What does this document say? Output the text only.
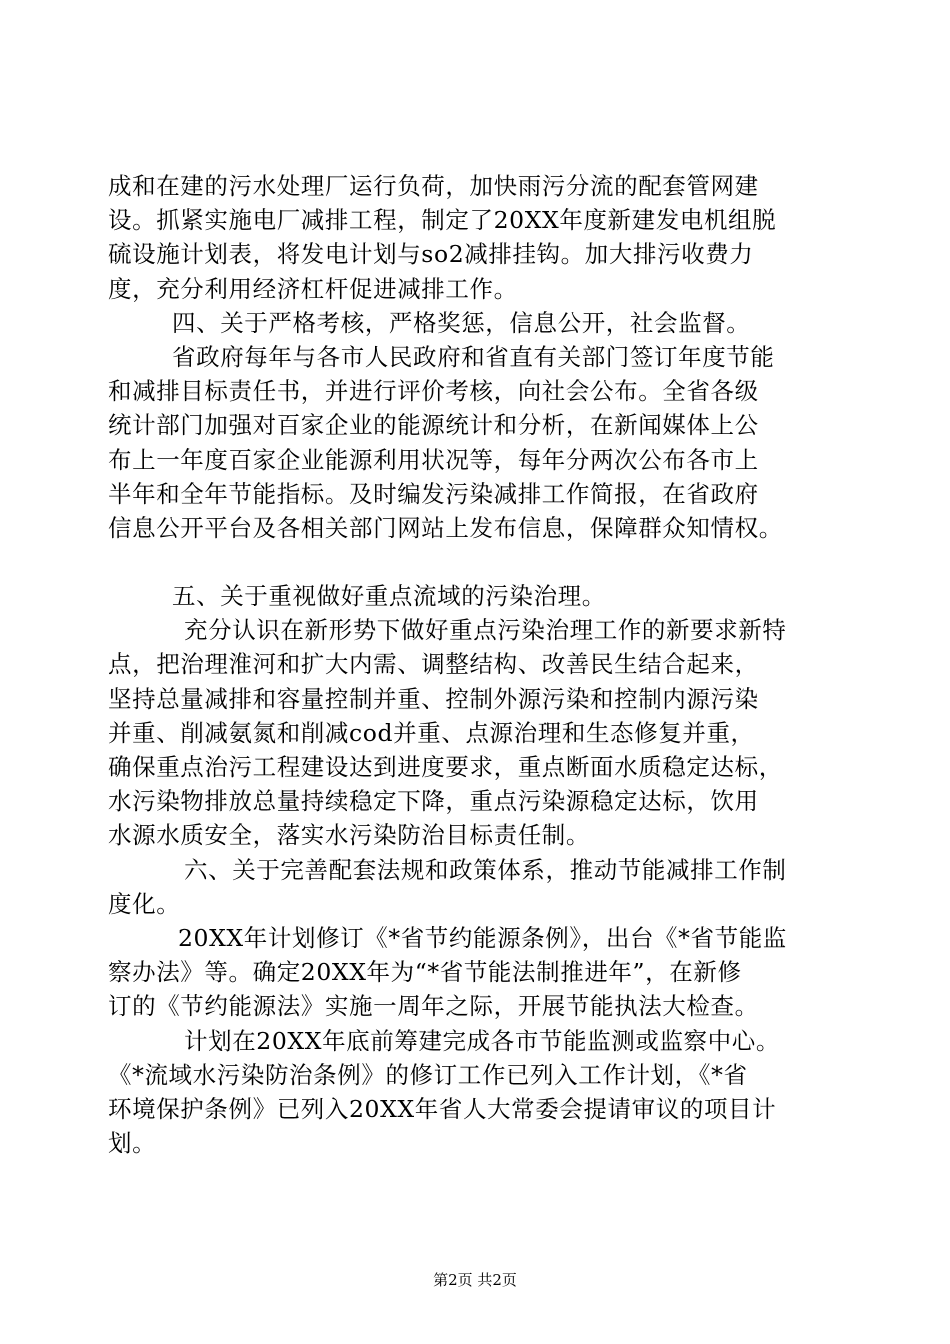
成和在建的污水处理厂运行负荷，加快雨污分流的配套管网建
设。抓紧实施电厂减排工程，制定了20XX年度新建发电机组脱
硫设施计划表，将发电计划与so2减排挂钩。加大排污收费力
度，充分利用经济杠杆促进减排工作。
四、关于严格考核，严格奖惩，信息公开，社会监督。
省政府每年与各市人民政府和省直有关部门签订年度节能
和减排目标责任书，并进行评价考核，向社会公布。全省各级
统计部门加强对百家企业的能源统计和分析，在新闻媒体上公
布上一年度百家企业能源利用状况等，每年分两次公布各市上
半年和全年节能指标。及时编发污染减排工作简报，在省政府
信息公开平台及各相关部门网站上发布信息，保障群众知情权。
五、关于重视做好重点流域的污染治理。
充分认识在新形势下做好重点污染治理工作的新要求新特
点，把治理淮河和扩大内需、调整结构、改善民生结合起来，
坚持总量减排和容量控制并重、控制外源污染和控制内源污染
并重、削减氨氮和削减cod并重、点源治理和生态修复并重，
确保重点治污工程建设达到进度要求，重点断面水质稳定达标，
水污染物排放总量持续稳定下降，重点污染源稳定达标，饮用
水源水质安全，落实水污染防治目标责任制。
六、关于完善配套法规和政策体系，推动节能减排工作制
度化。
20XX年计划修订《*省节约能源条例》，出台《*省节能监
察办法》等。确定20XX年为“*省节能法制推进年”，在新修
订的《节约能源法》实施一周年之际，开展节能执法大检查。
计划在20XX年底前筹建完成各市节能监测或监察中心。
《*流域水污染防治条例》的修订工作已列入工作计划，《*省
环境保护条例》已列入20XX年省人大常委会提请审议的项目计
划。
第2页 共2页
